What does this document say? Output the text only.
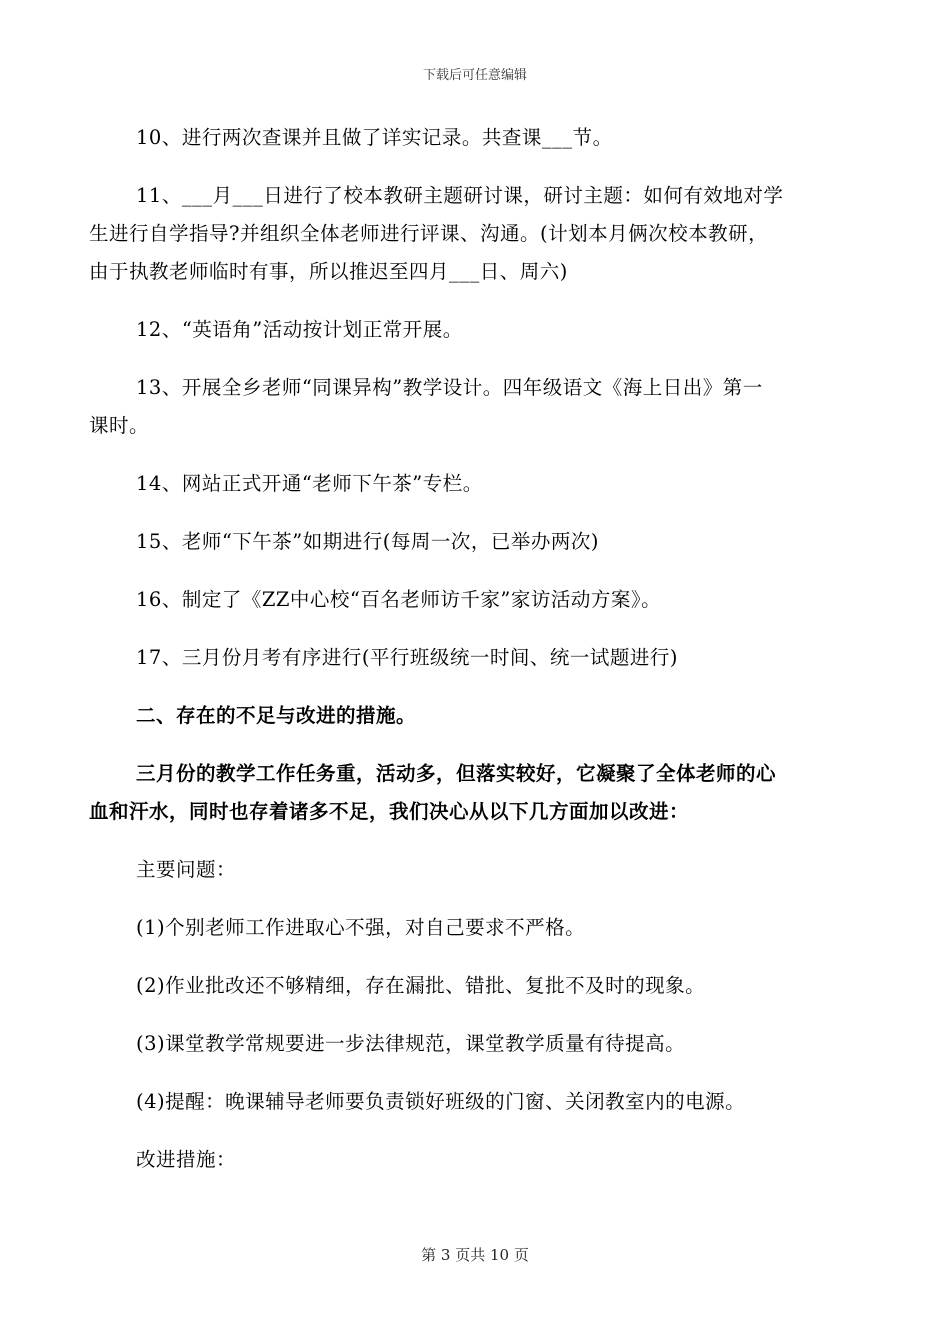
下载后可任意编辑
10、进行两次查课并且做了详实记录。共查课___节。
11、___月___日进行了校本教研主题研讨课，研讨主题：如何有效地对学
生进行自学指导?并组织全体老师进行评课、沟通。(计划本月俩次校本教研，
由于执教老师临时有事，所以推迟至四月___日、周六)
12、“英语角”活动按计划正常开展。
13、开展全乡老师“同课异构”教学设计。四年级语文《海上日出》第一
课时。
14、网站正式开通“老师下午茶”专栏。
15、老师“下午茶”如期进行(每周一次，已举办两次)
16、制定了《ZZ中心校“百名老师访千家”家访活动方案》。
17、三月份月考有序进行(平行班级统一时间、统一试题进行)
二、存在的不足与改进的措施。
三月份的教学工作任务重，活动多，但落实较好，它凝聚了全体老师的心
血和汗水，同时也存着诸多不足，我们决心从以下几方面加以改进：
主要问题：
(1)个别老师工作进取心不强，对自己要求不严格。
(2)作业批改还不够精细，存在漏批、错批、复批不及时的现象。
(3)课堂教学常规要进一步法律规范，课堂教学质量有待提高。
(4)提醒：晚课辅导老师要负责锁好班级的门窗、关闭教室内的电源。
改进措施：
第 3 页共 10 页
